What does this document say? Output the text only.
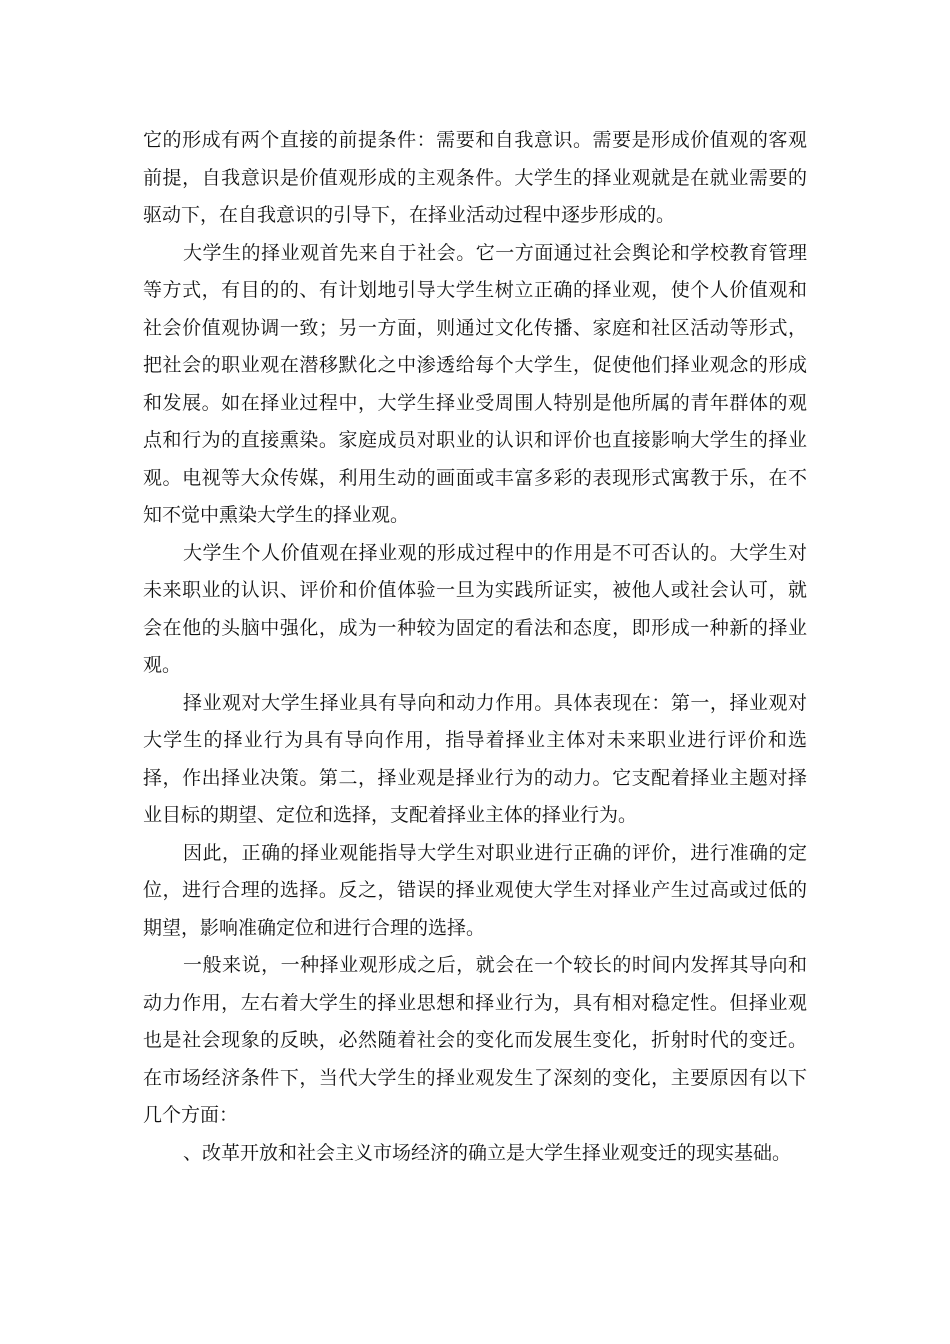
它的形成有两个直接的前提条件：需要和自我意识。需要是形成价值观的客观前提，自我意识是价值观形成的主观条件。大学生的择业观就是在就业需要的驱动下，在自我意识的引导下，在择业活动过程中逐步形成的。

大学生的择业观首先来自于社会。它一方面通过社会舆论和学校教育管理等方式，有目的的、有计划地引导大学生树立正确的择业观，使个人价值观和社会价值观协调一致；另一方面，则通过文化传播、家庭和社区活动等形式，把社会的职业观在潜移默化之中渗透给每个大学生，促使他们择业观念的形成和发展。如在择业过程中，大学生择业受周围人特别是他所属的青年群体的观点和行为的直接熏染。家庭成员对职业的认识和评价也直接影响大学生的择业观。电视等大众传媒，利用生动的画面或丰富多彩的表现形式寓教于乐，在不知不觉中熏染大学生的择业观。

大学生个人价值观在择业观的形成过程中的作用是不可否认的。大学生对未来职业的认识、评价和价值体验一旦为实践所证实，被他人或社会认可，就会在他的头脑中强化，成为一种较为固定的看法和态度，即形成一种新的择业观。

择业观对大学生择业具有导向和动力作用。具体表现在：第一，择业观对大学生的择业行为具有导向作用，指导着择业主体对未来职业进行评价和选择，作出择业决策。第二，择业观是择业行为的动力。它支配着择业主题对择业目标的期望、定位和选择，支配着择业主体的择业行为。

因此，正确的择业观能指导大学生对职业进行正确的评价，进行准确的定位，进行合理的选择。反之，错误的择业观使大学生对择业产生过高或过低的期望，影响准确定位和进行合理的选择。

一般来说，一种择业观形成之后，就会在一个较长的时间内发挥其导向和动力作用，左右着大学生的择业思想和择业行为，具有相对稳定性。但择业观也是社会现象的反映，必然随着社会的变化而发展生变化，折射时代的变迁。在市场经济条件下，当代大学生的择业观发生了深刻的变化，主要原因有以下几个方面：

、改革开放和社会主义市场经济的确立是大学生择业观变迁的现实基础。
